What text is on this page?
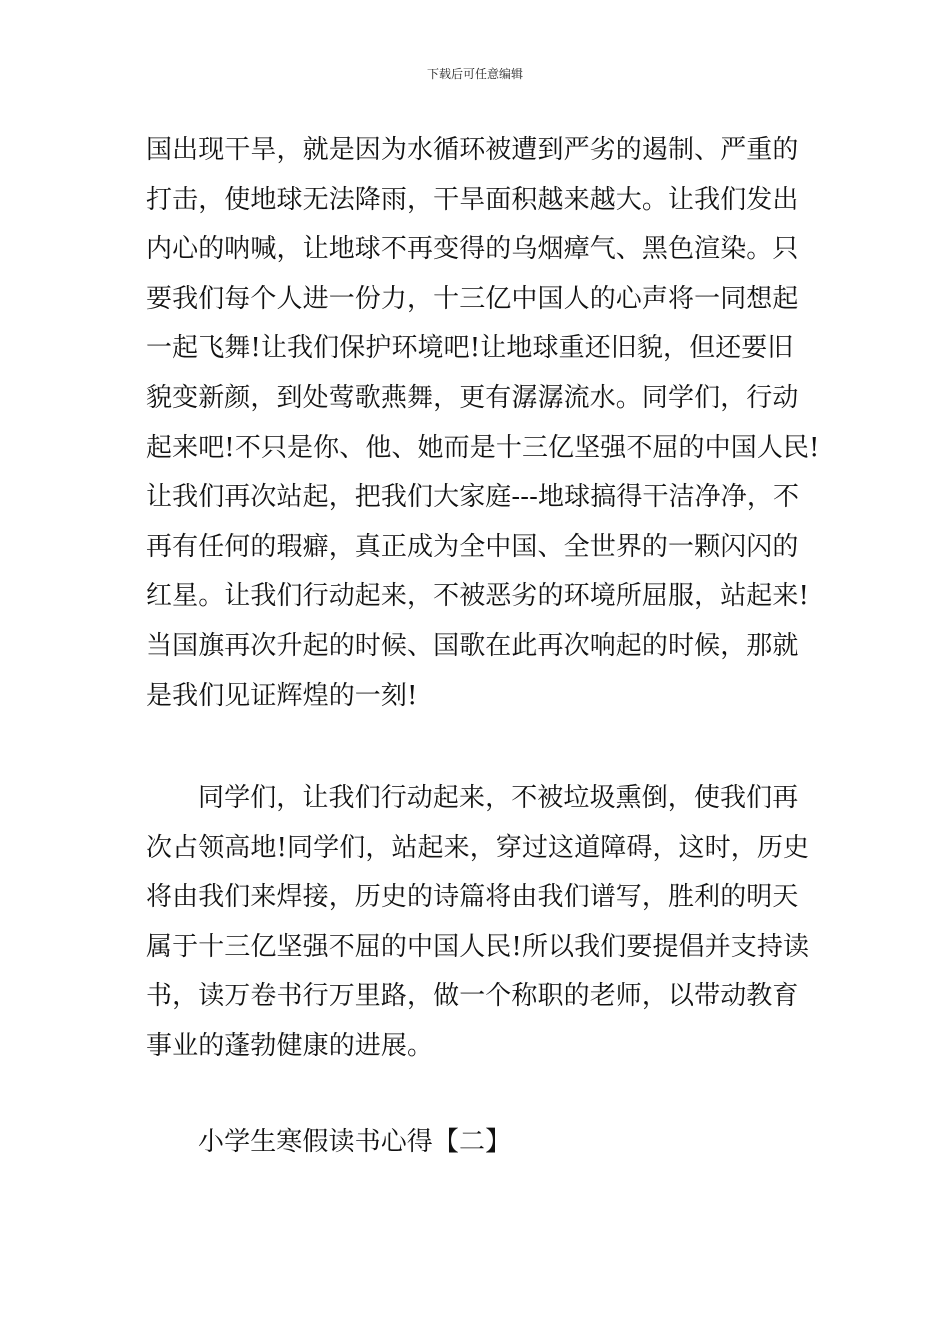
下载后可任意编辑
国出现干旱，就是因为水循环被遭到严劣的遏制、严重的
打击，使地球无法降雨，干旱面积越来越大。让我们发出
内心的呐喊，让地球不再变得的乌烟瘴气、黑色渲染。只
要我们每个人进一份力，十三亿中国人的心声将一同想起
一起飞舞!让我们保护环境吧!让地球重还旧貌，但还要旧
貌变新颜，到处莺歌燕舞，更有潺潺流水。同学们，行动
起来吧!不只是你、他、她而是十三亿坚强不屈的中国人民!
让我们再次站起，把我们大家庭---地球搞得干洁净净，不
再有任何的瑕癖，真正成为全中国、全世界的一颗闪闪的
红星。让我们行动起来，不被恶劣的环境所屈服，站起来!
当国旗再次升起的时候、国歌在此再次响起的时候，那就
是我们见证辉煌的一刻!
同学们，让我们行动起来，不被垃圾熏倒，使我们再
次占领高地!同学们，站起来，穿过这道障碍，这时，历史
将由我们来焊接，历史的诗篇将由我们谱写，胜利的明天
属于十三亿坚强不屈的中国人民!所以我们要提倡并支持读
书，读万卷书行万里路，做一个称职的老师，以带动教育
事业的蓬勃健康的进展。
小学生寒假读书心得【二】
